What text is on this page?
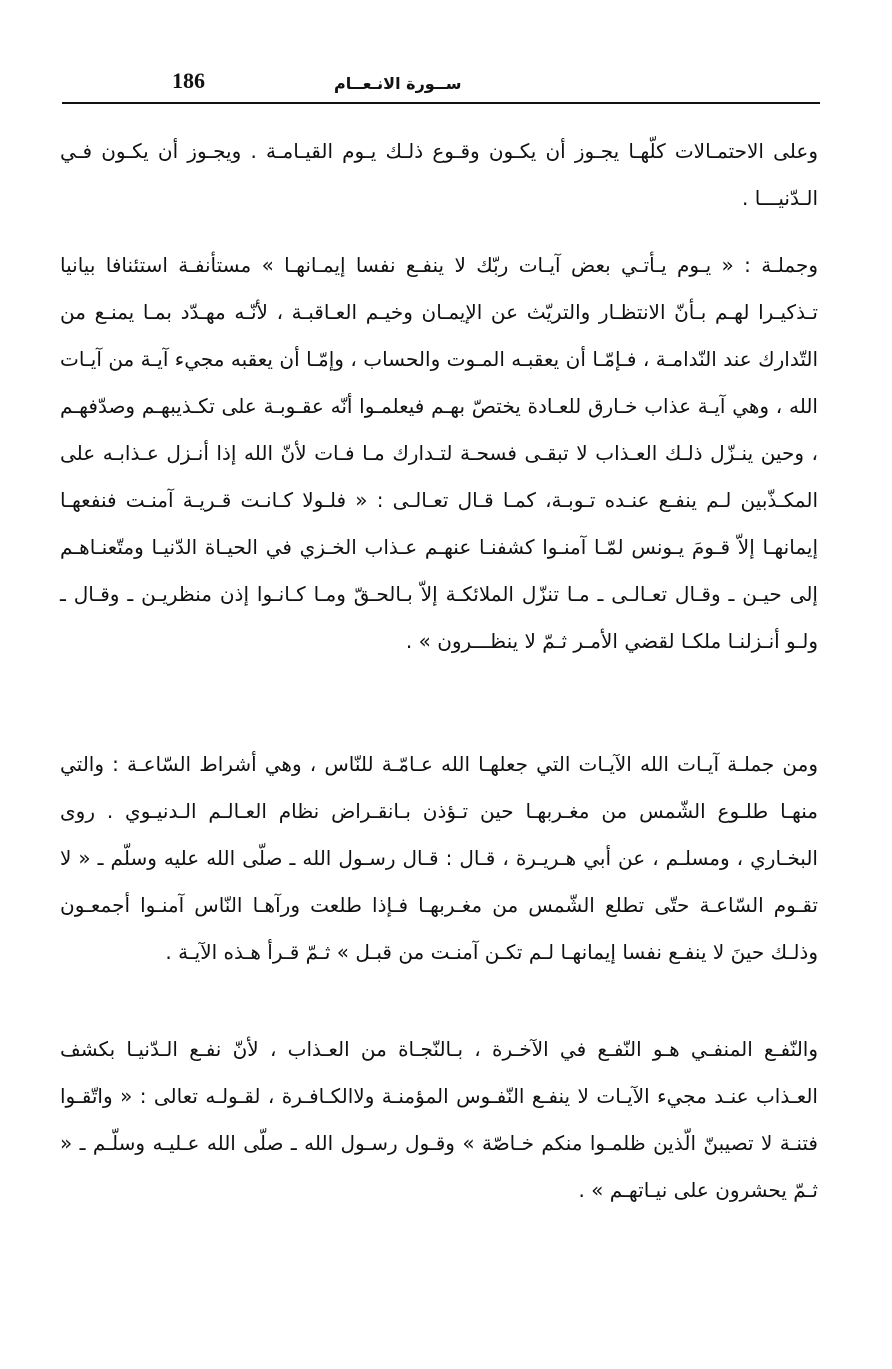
186	ســورة الانـعــام

وعلى الاحتمـالات كلّهـا يجـوز أن يكـون وقـوع ذلـك يـوم القيـامـة . ويجـوز أن يكـون فـي الـدّنيـــا .

وجملـة : « يـوم يـأتـي بعض آيـات ربّك لا ينفـع نفسا إيمـانهـا » مستأنفـة استئنافا بيانيا تـذكيـرا لهـم بـأنّ الانتظـار والتريّث عن الإيمـان وخيـم العـاقبـة ، لأنّـه مهـدّد بمـا يمنـع من التّدارك عند النّدامـة ، فـإمّـا أن يعقبـه المـوت والحساب ، وإمّـا أن يعقبه مجيء آيـة من آيـات الله ، وهي آيـة عذاب خـارق للعـادة يختصّ بهـم فيعلمـوا أنّه عقـوبـة على تكـذيبهـم وصدّفهـم ، وحين ينـزّل ذلـك العـذاب لا تبقـى فسحـة لتـدارك مـا فـات لأنّ الله إذا أنـزل عـذابـه على المكـذّبين لـم ينفـع عنـده تـوبـة، كمـا قـال تعـالـى : « فلـولا كـانـت قـريـة آمنـت فنفعهـا إيمانهـا إلاّ قـومَ يـونس لمّـا آمنـوا كشفنـا عنهـم عـذاب الخـزي في الحيـاة الدّنيـا ومتّعنـاهـم إلى حيـن ـ وقـال تعـالـى ـ مـا تنزّل الملائكـة إلاّ بـالحـقّ ومـا كـانـوا إذن منظريـن ـ وقـال ـ ولـو أنـزلنـا ملكـا لقضي الأمـر ثـمّ لا ينظـــرون » .

ومن جملـة آيـات الله الآيـات التي جعلهـا الله عـامّـة للنّاس ، وهي أشراط السّاعـة : والتي منهـا طلـوع الشّمس من مغـربهـا حين تـؤذن بـانقـراض نظام العـالـم الـدنيـوي . روى البخـاري ، ومسلـم ، عن أبي هـريـرة ، قـال : قـال رسـول الله ـ صلّى الله عليه وسلّم ـ « لا تقـوم السّاعـة حتّى تطلع الشّمس من مغـربهـا فـإذا طلعت ورآهـا النّاس آمنـوا أجمعـون وذلـك حينَ لا ينفـع نفسا إيمانهـا لـم تكـن آمنـت من قبـل » ثـمّ قـرأ هـذه الآيـة .

والنّفـع المنفـي هـو النّفـع في الآخـرة ، بـالنّجـاة من العـذاب ، لأنّ نفـع الـدّنيـا بكشف العـذاب عنـد مجيء الآيـات لا ينفـع النّفـوس المؤمنـة ولاالكـافـرة ، لقـولـه تعالى : « واتّقـوا فتنـة لا تصيبنّ الّذين ظلمـوا منكم خـاصّة » وقـول رسـول الله ـ صلّى الله عـليـه وسلّـم ـ « ثـمّ يحشرون على نيـاتهـم » .
